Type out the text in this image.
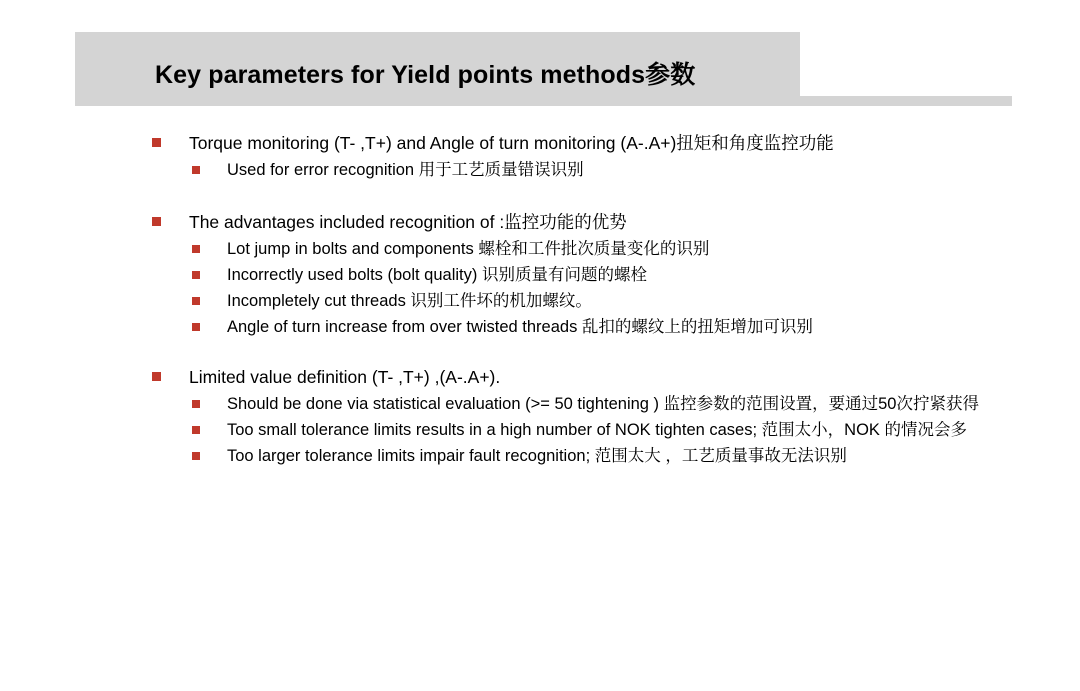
Key parameters for Yield points methods参数
Torque monitoring (T- ,T+) and Angle of turn monitoring (A-.A+)扭矩和角度监控功能
Used for error recognition 用于工艺质量错误识别
The advantages included recognition of :监控功能的优势
Lot jump in bolts and components 螺栓和工件批次质量变化的识别
Incorrectly used bolts (bolt quality) 识别质量有问题的螺栓
Incompletely cut threads 识别工件坏的机加螺纹。
Angle of turn increase from over twisted threads 乱扣的螺纹上的扭矩增加可识别
Limited value definition (T- ,T+) ,(A-.A+).
Should be done via statistical evaluation (>= 50 tightening ) 监控参数的范围设置，要通过50次拧紧获得
Too small tolerance limits results in a high number of NOK tighten cases; 范围太小，NOK 的情况会多
Too larger tolerance limits impair fault recognition; 范围太大 ，工艺质量事故无法识别
